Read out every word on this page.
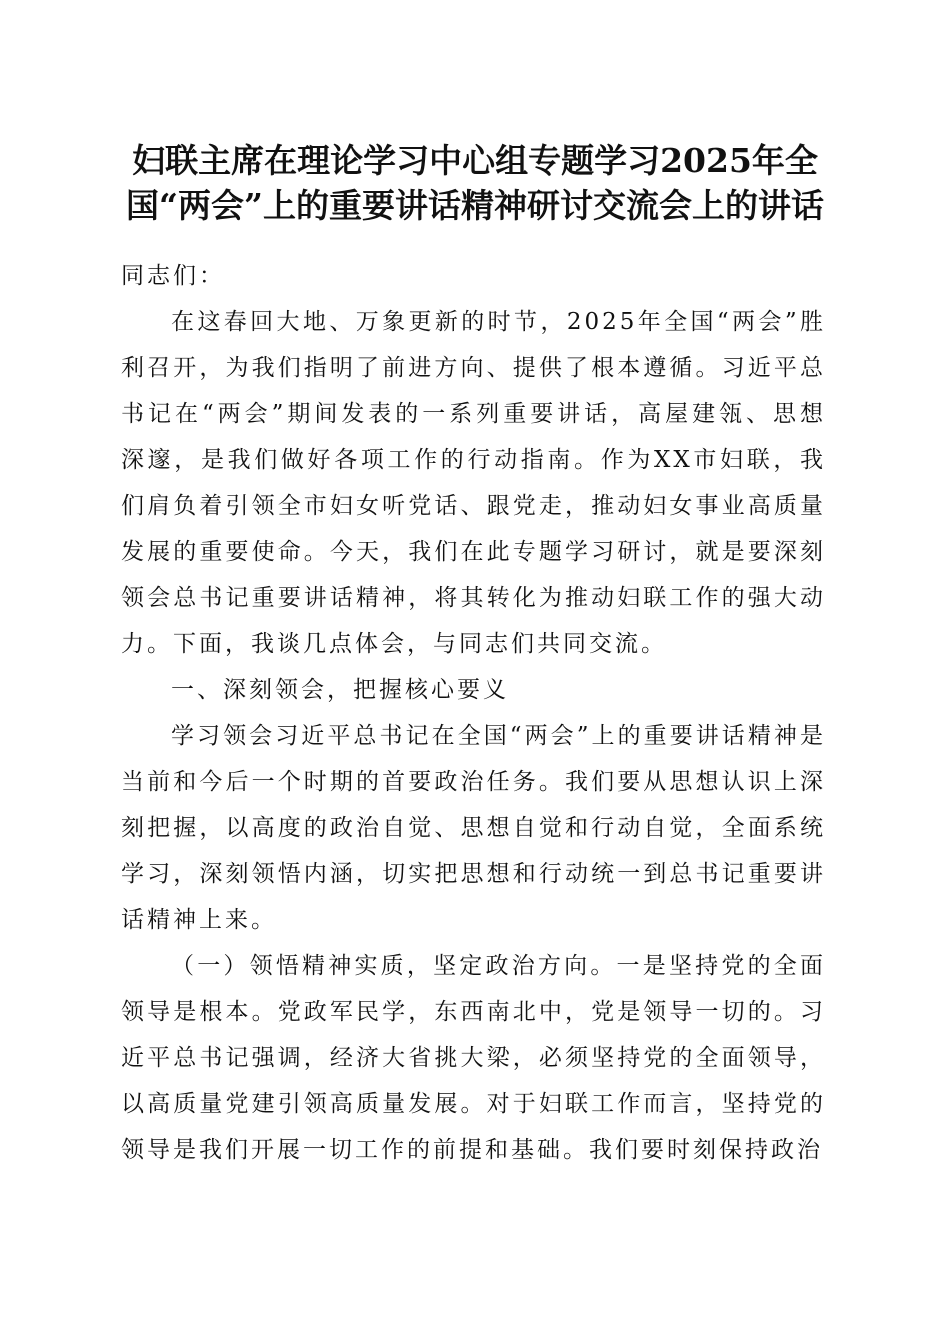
妇联主席在理论学习中心组专题学习2025年全国“两会”上的重要讲话精神研讨交流会上的讲话

同志们：

在这春回大地、万象更新的时节，2025年全国“两会”胜利召开，为我们指明了前进方向、提供了根本遵循。习近平总书记在“两会”期间发表的一系列重要讲话，高屋建瓴、思想深邃，是我们做好各项工作的行动指南。作为XX市妇联，我们肩负着引领全市妇女听党话、跟党走，推动妇女事业高质量发展的重要使命。今天，我们在此专题学习研讨，就是要深刻领会总书记重要讲话精神，将其转化为推动妇联工作的强大动力。下面，我谈几点体会，与同志们共同交流。

一、深刻领会，把握核心要义

学习领会习近平总书记在全国“两会”上的重要讲话精神是当前和今后一个时期的首要政治任务。我们要从思想认识上深刻把握，以高度的政治自觉、思想自觉和行动自觉，全面系统学习，深刻领悟内涵，切实把思想和行动统一到总书记重要讲话精神上来。

（一）领悟精神实质，坚定政治方向。一是坚持党的全面领导是根本。党政军民学，东西南北中，党是领导一切的。习近平总书记强调，经济大省挑大梁，必须坚持党的全面领导，以高质量党建引领高质量发展。对于妇联工作而言，坚持党的领导是我们开展一切工作的前提和基础。我们要时刻保持政治
